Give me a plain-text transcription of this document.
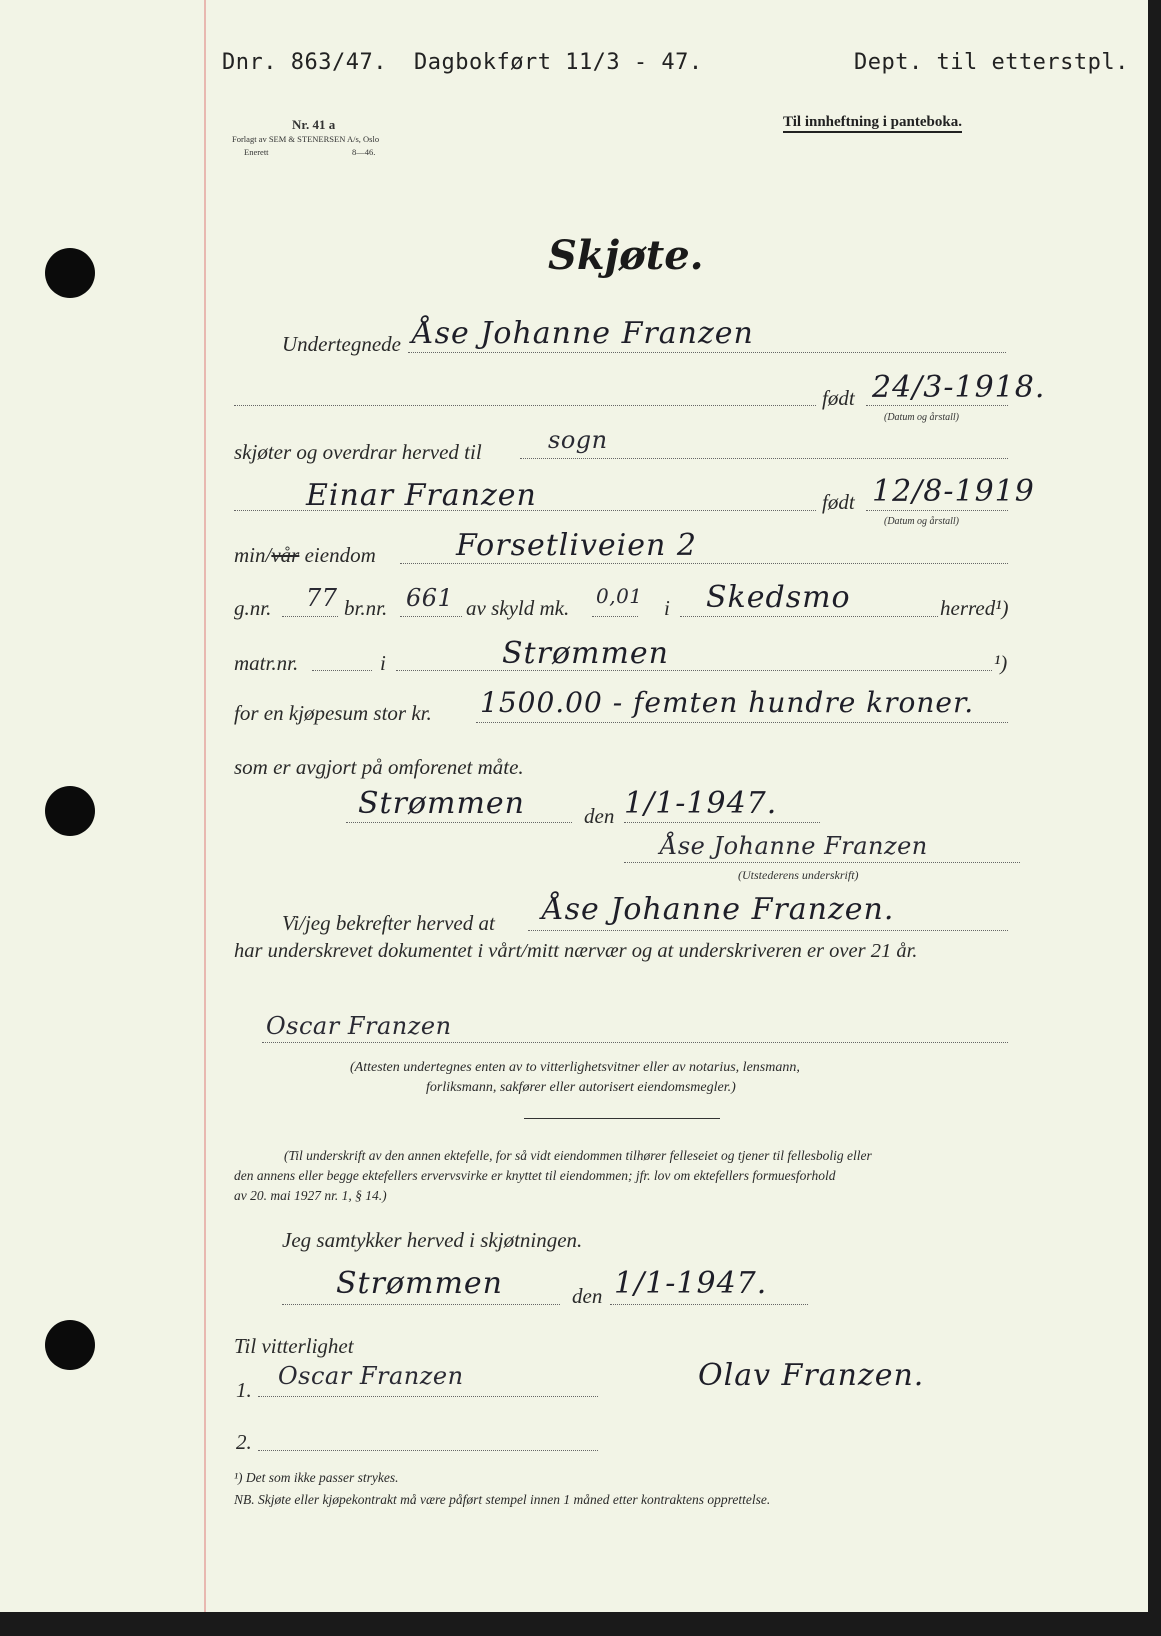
Dnr. 863/47. Dagbokført 11/3 - 47.	Dept. til etterstpl.
Nr. 41 a
Forlagt av SEM & STENERSEN A/s, Oslo
Enerett	8—46.
Til innheftning i panteboka.
Skjøte.
Undertegnede Åse Johanne Franzen
født 24/3-1918.
(Datum og årstall)
skjøter og overdrar herved til	sogn
Einar Franzen	født 12/8-1919
(Datum og årstall)
min/vår eiendom	Forsetliveien 2
g.nr. 77 br.nr. 661 av skyld mk. 0,01 i Skedsmo	herred¹)
matr.nr.	i	Strømmen	¹)
for en kjøpesum stor kr. 1500.00 - femten hundre kroner.
som er avgjort på omforenet måte.
Strømmen	den 1/1-1947.
Åse Johanne Franzen
(Utstederens underskrift)
Vi/jeg bekrefter herved at Åse Johanne Franzen.
har underskrevet dokumentet i vårt/mitt nærvær og at underskriveren er over 21 år.
Oscar Franzen
(Attesten undertegnes enten av to vitterlighetsvitner eller av notarius, lensmann,
forliksmann, sakfører eller autorisert eiendomsmegler.)
(Til underskrift av den annen ektefelle, for så vidt eiendommen tilhører felleseiet og tjener til fellesbolig eller
den annens eller begge ektefellers ervervsvirke er knyttet til eiendommen; jfr. lov om ektefellers formuesforhold
av 20. mai 1927 nr. 1, § 14.)
Jeg samtykker herved i skjøtningen.
Strømmen	den 1/1-1947.
Til vitterlighet
1. Oscar Franzen	Olav Franzen.
2.
¹) Det som ikke passer strykes.
NB. Skjøte eller kjøpekontrakt må være påført stempel innen 1 måned etter kontraktens opprettelse.
